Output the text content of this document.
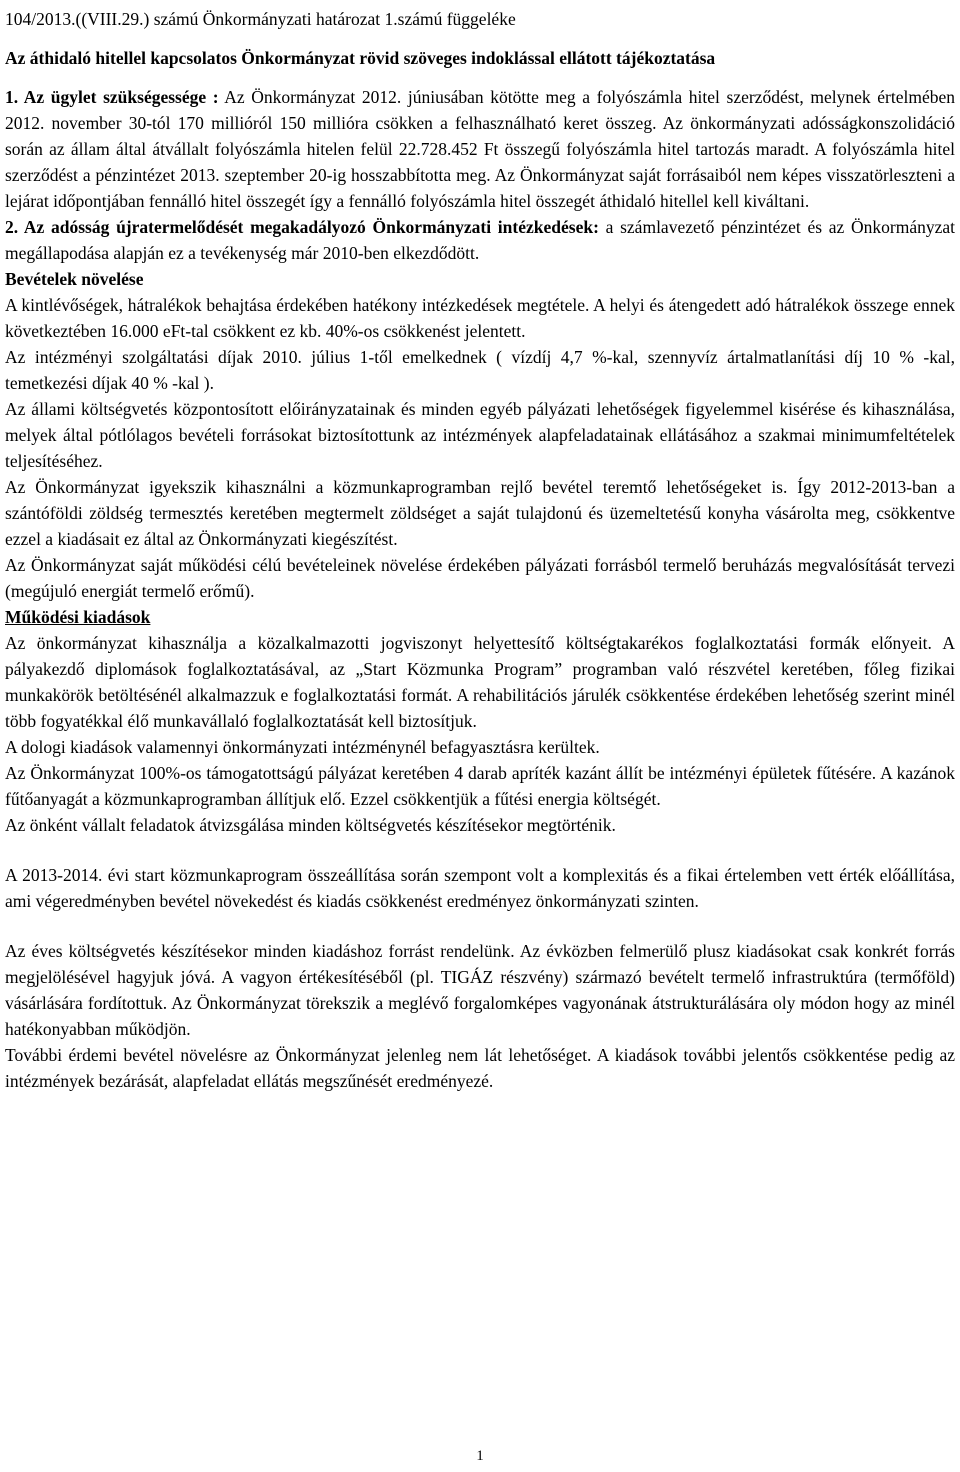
104/2013.((VIII.29.) számú Önkormányzati határozat 1.számú függeléke
Az áthidaló hitellel kapcsolatos Önkormányzat rövid szöveges indoklással ellátott tájékoztatása

1. Az ügylet szükségessége : Az Önkormányzat 2012. júniusában kötötte meg a folyószámla hitel szerződést, melynek értelmében 2012. november 30-tól 170 millióról 150 millióra csökken a felhasználható keret összeg. Az önkormányzati adósságkonszolidáció során az állam által átvállalt folyószámla hitelen felül 22.728.452 Ft összegű folyószámla hitel tartozás maradt. A folyószámla hitel szerződést a pénzintézet 2013. szeptember 20-ig hosszabbította meg. Az Önkormányzat saját forrásaiból nem képes visszatörleszteni a lejárat időpontjában fennálló hitel összegét így a fennálló folyószámla hitel összegét áthidaló hitellel kell kiváltani.

2. Az adósság újratermelődését megakadályozó Önkormányzati intézkedések: a számlavezető pénzintézet és az Önkormányzat megállapodása alapján ez a tevékenység már 2010-ben elkezdődött.

Bevételek növelése

A kintlévőségek, hátralékok behajtása érdekében hatékony intézkedések megtétele. A helyi és átengedett adó hátralékok összege ennek következtében 16.000 eFt-tal csökkent ez kb. 40%-os csökkenést jelentett.

Az intézményi szolgáltatási díjak 2010. július 1-től emelkednek ( vízdíj 4,7 %-kal, szennyvíz ártalmatlanítási díj 10 % -kal, temetkezési díjak 40 % -kal ).

Az állami költségvetés központosított előirányzatainak és minden egyéb pályázati lehetőségek figyelemmel kisérése és kihasználása, melyek által pótlólagos bevételi forrásokat biztosítottunk az intézmények alapfeladatainak ellátásához a szakmai minimumfeltételek teljesítéséhez.

Az Önkormányzat igyekszik kihasználni a közmunkaprogramban rejlő bevétel teremtő lehetőségeket is. Így 2012-2013-ban a szántóföldi zöldség termesztés keretében megtermelt zöldséget a saját tulajdonú és üzemeltetésű konyha vásárolta meg, csökkentve ezzel a kiadásait ez által az Önkormányzati kiegészítést.

Az Önkormányzat saját működési célú bevételeinek növelése érdekében pályázati forrásból termelő beruházás megvalósítását tervezi (megújuló energiát termelő erőmű).

Működési kiadások

Az önkormányzat kihasználja a közalkalmazotti jogviszonyt helyettesítő költségtakarékos foglalkoztatási formák előnyeit. A pályakezdő diplomások foglalkoztatásával, az „Start Közmunka Program” programban való részvétel keretében, főleg fizikai munkakörök betöltésénél alkalmazzuk e foglalkoztatási formát. A rehabilitációs járulék csökkentése érdekében lehetőség szerint minél több fogyatékkal élő munkavállaló foglalkoztatását kell biztosítjuk.

A dologi kiadások valamennyi önkormányzati intézménynél befagyasztásra kerültek.

Az Önkormányzat 100%-os támogatottságú pályázat keretében 4 darab apríték kazánt állít be intézményi épületek fűtésére. A kazánok fűtőanyagát a közmunkaprogramban állítjuk elő. Ezzel csökkentjük a fűtési energia költségét.

Az önként vállalt feladatok átvizsgálása minden költségvetés készítésekor megtörténik.

A 2013-2014. évi start közmunkaprogram összeállítása során szempont volt a komplexitás és a fikai értelemben vett érték előállítása, ami végeredményben bevétel növekedést és kiadás csökkenést eredményez önkormányzati szinten.

Az éves költségvetés készítésekor minden kiadáshoz forrást rendelünk. Az évközben felmerülő plusz kiadásokat csak konkrét forrás megjelölésével hagyjuk jóvá. A vagyon értékesítéséből (pl. TIGÁZ részvény) származó bevételt termelő infrastruktúra (termőföld) vásárlására fordítottuk. Az Önkormányzat törekszik a meglévő forgalomképes vagyonának átstrukturálására oly módon hogy az minél hatékonyabban működjön.

További érdemi bevétel növelésre az Önkormányzat jelenleg nem lát lehetőséget. A kiadások további jelentős csökkentése pedig az intézmények bezárását, alapfeladat ellátás megszűnését eredményezé.

1
